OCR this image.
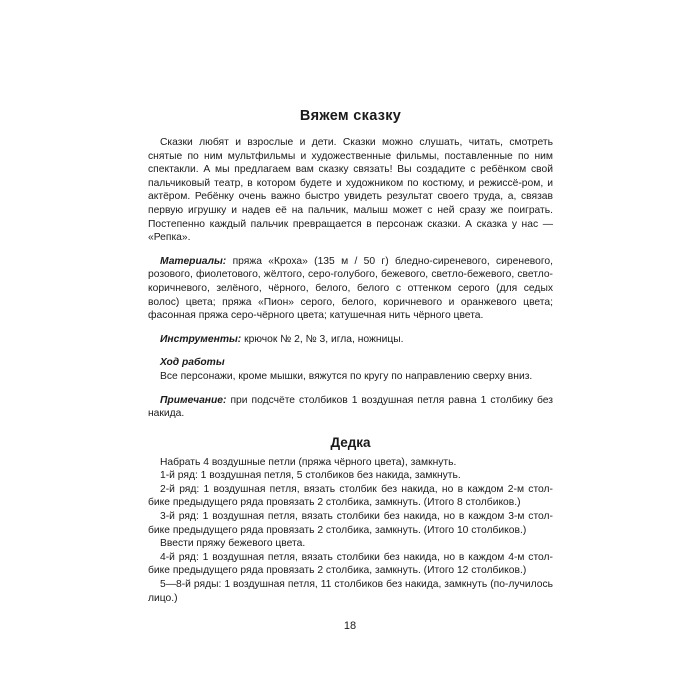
Вяжем сказку

Сказки любят и взрослые и дети. Сказки можно слушать, читать, смотреть снятые по ним мультфильмы и художественные фильмы, поставленные по ним спектакли. А мы предлагаем вам сказку связать! Вы создадите с ребёнком свой пальчиковый театр, в котором будете и художником по костюму, и режиссё-ром, и актёром. Ребёнку очень важно быстро увидеть результат своего труда, а, связав первую игрушку и надев её на пальчик, малыш может с ней сразу же поиграть. Постепенно каждый пальчик превращается в персонаж сказки. А сказка у нас — «Репка».

Материалы: пряжа «Кроха» (135 м / 50 г) бледно-сиреневого, сиреневого, розового, фиолетового, жёлтого, серо-голубого, бежевого, светло-бежевого, светло-коричневого, зелёного, чёрного, белого, белого с оттенком серого (для седых волос) цвета; пряжа «Пион» серого, белого, коричневого и оранжевого цвета; фасонная пряжа серо-чёрного цвета; катушечная нить чёрного цвета.

Инструменты: крючок № 2, № 3, игла, ножницы.

Ход работы

Все персонажи, кроме мышки, вяжутся по кругу по направлению сверху вниз.

Примечание: при подсчёте столбиков 1 воздушная петля равна 1 столбику без накида.

Дедка

Набрать 4 воздушные петли (пряжа чёрного цвета), замкнуть.

1-й ряд: 1 воздушная петля, 5 столбиков без накида, замкнуть.

2-й ряд: 1 воздушная петля, вязать столбик без накида, но в каждом 2-м стол-бике предыдущего ряда провязать 2 столбика, замкнуть. (Итого 8 столбиков.)

3-й ряд: 1 воздушная петля, вязать столбики без накида, но в каждом 3-м стол-бике предыдущего ряда провязать 2 столбика, замкнуть. (Итого 10 столбиков.)

Ввести пряжу бежевого цвета.

4-й ряд: 1 воздушная петля, вязать столбики без накида, но в каждом 4-м стол-бике предыдущего ряда провязать 2 столбика, замкнуть. (Итого 12 столбиков.)

5—8-й ряды: 1 воздушная петля, 11 столбиков без накида, замкнуть (по-лучилось лицо.)

18
